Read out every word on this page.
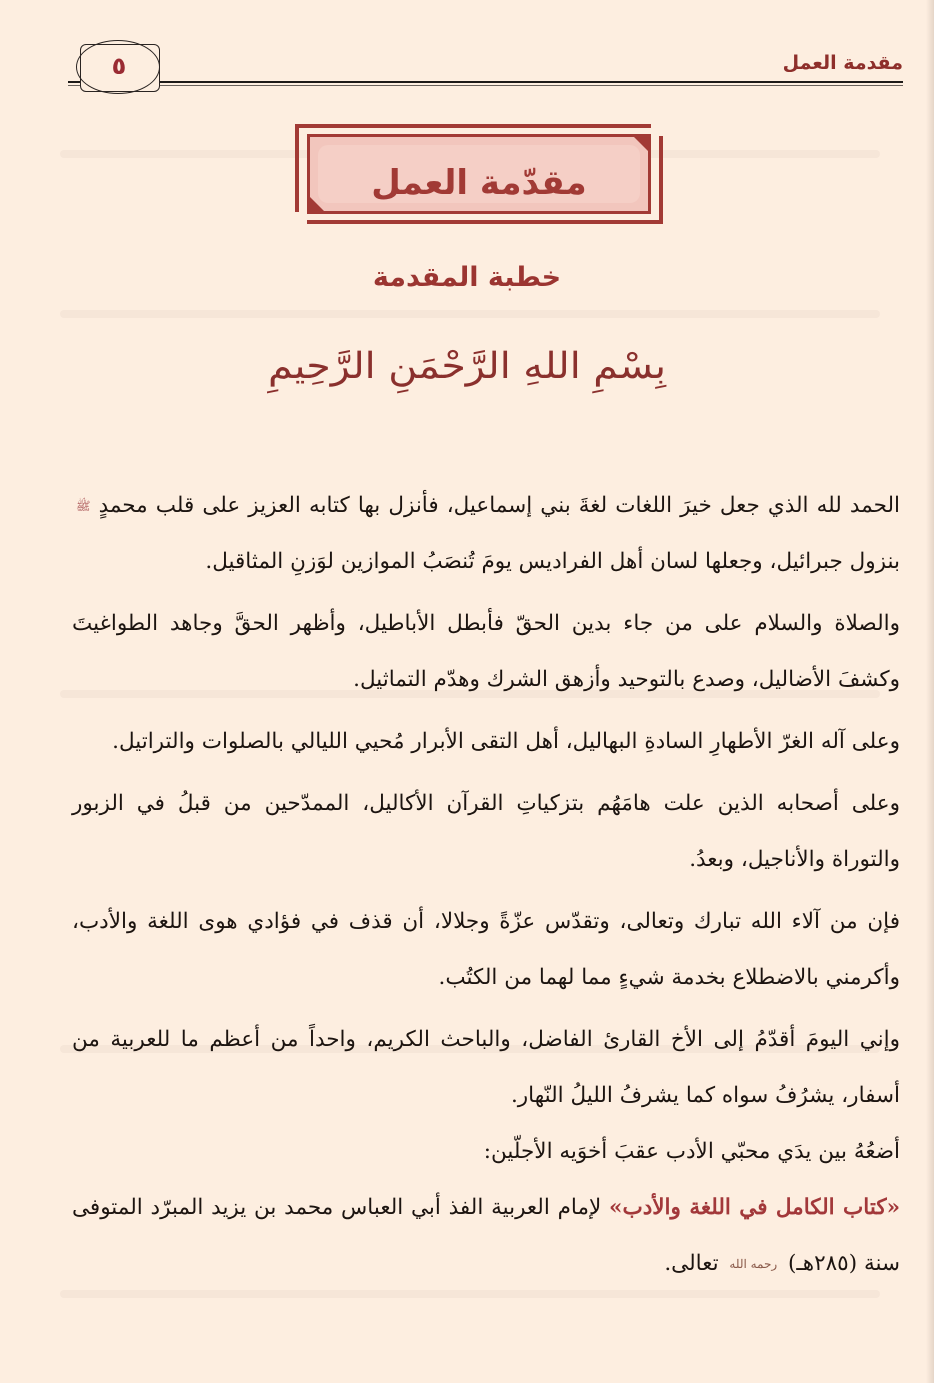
٥	مقدمة العمل
مقدّمة العمل
خطبة المقدمة
بِسْمِ اللهِ الرَّحْمَنِ الرَّحِيمِ

الحمد لله الذي جعل خيرَ اللغات لغةَ بني إسماعيل، فأنزل بها كتابه العزيز على قلب محمدٍ ﷺ بنزول جبرائيل، وجعلها لسان أهل الفراديس يومَ تُنصَبُ الموازين لوَزنِ المثاقيل.

والصلاة والسلام على من جاء بدين الحقّ فأبطل الأباطيل، وأظهر الحقَّ وجاهد الطواغيتَ وكشفَ الأضاليل، وصدع بالتوحيد وأزهق الشرك وهدّم التماثيل.

وعلى آله الغرّ الأطهارِ السادةِ البهاليل، أهل التقى الأبرار مُحيي الليالي بالصلوات والتراتيل.

وعلى أصحابه الذين علت هامَهُم بتزكياتِ القرآن الأكاليل، الممدّحين من قبلُ في الزبور والتوراة والأناجيل، وبعدُ.

فإن من آلاء الله تبارك وتعالى، وتقدّس عزّةً وجلالا، أن قذف في فؤادي هوى اللغة والأدب، وأكرمني بالاضطلاع بخدمة شيءٍ مما لهما من الكتُب.

وإني اليومَ أقدّمُ إلى الأخ القارئ الفاضل، والباحث الكريم، واحداً من أعظم ما للعربية من أسفار، يشرُفُ سواه كما يشرفُ الليلُ النّهار.

أضعُهُ بين يدَي محبّي الأدب عقبَ أخوَيه الأجلّين:

«كتاب الكامل في اللغة والأدب» لإمام العربية الفذ أبي العباس محمد بن يزيد المبرّد المتوفى سنة (٢٨٥هـ) رحمه الله تعالى.
